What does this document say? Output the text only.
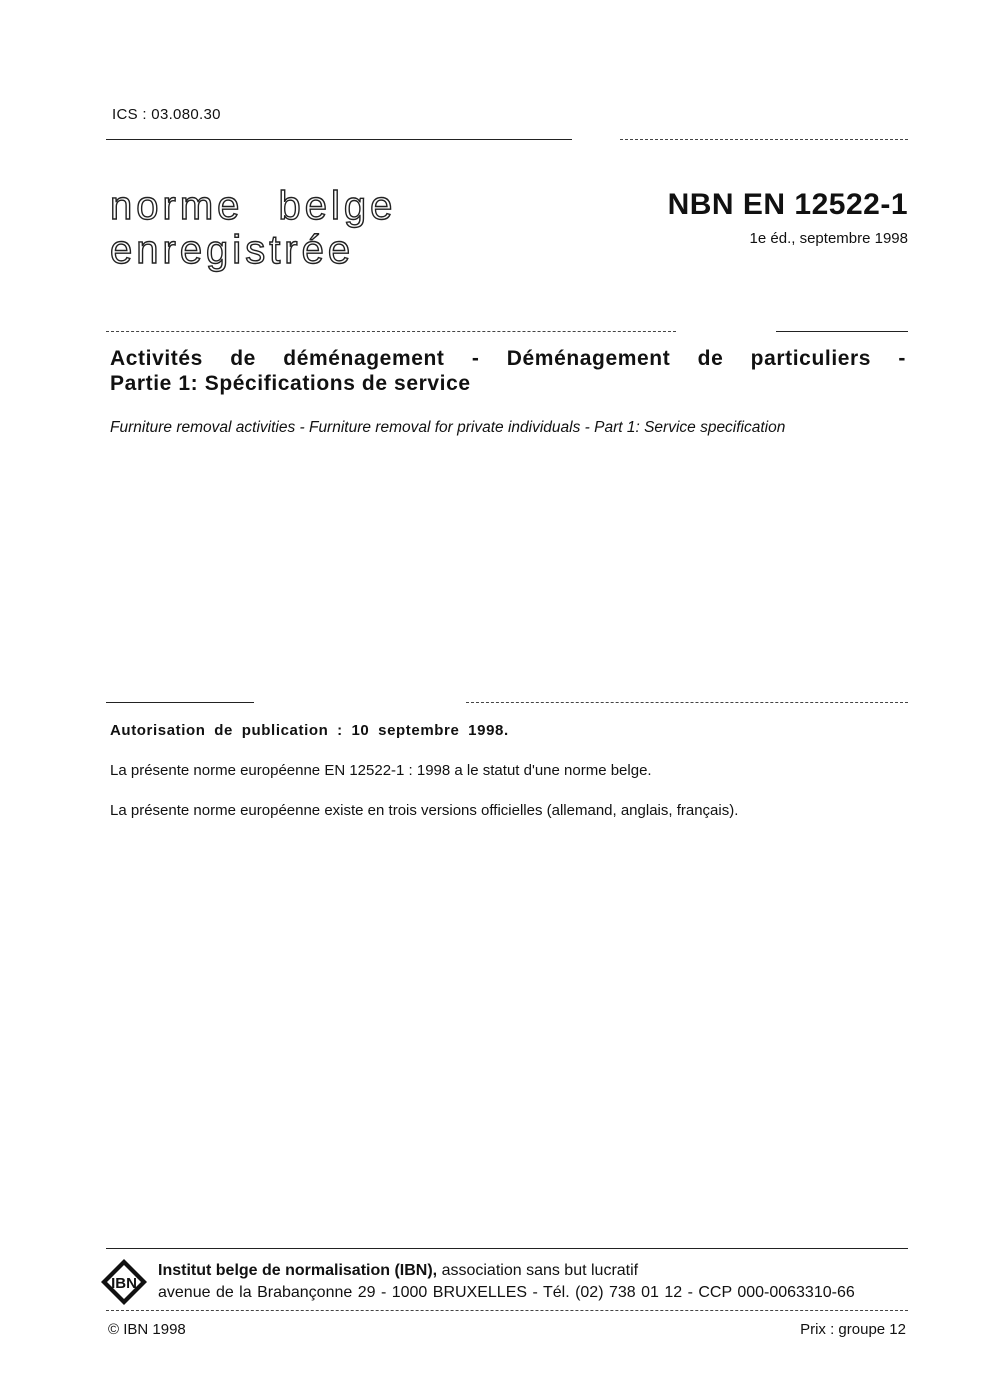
ICS : 03.080.30
norme belge
enregistrée
NBN EN 12522-1
1e éd., septembre 1998
Activités de déménagement - Déménagement de particuliers -
Partie 1: Spécifications de service
Furniture removal activities - Furniture removal for private individuals - Part 1: Service specification
Autorisation de publication : 10 septembre 1998.
La présente norme européenne EN 12522-1 : 1998 a le statut d'une norme belge.
La présente norme européenne existe en trois versions officielles (allemand, anglais, français).
IBN
Institut belge de normalisation (IBN), association sans but lucratif
avenue de la Brabançonne 29 - 1000 BRUXELLES - Tél. (02) 738 01 12 - CCP 000-0063310-66
© IBN 1998	Prix : groupe 12
